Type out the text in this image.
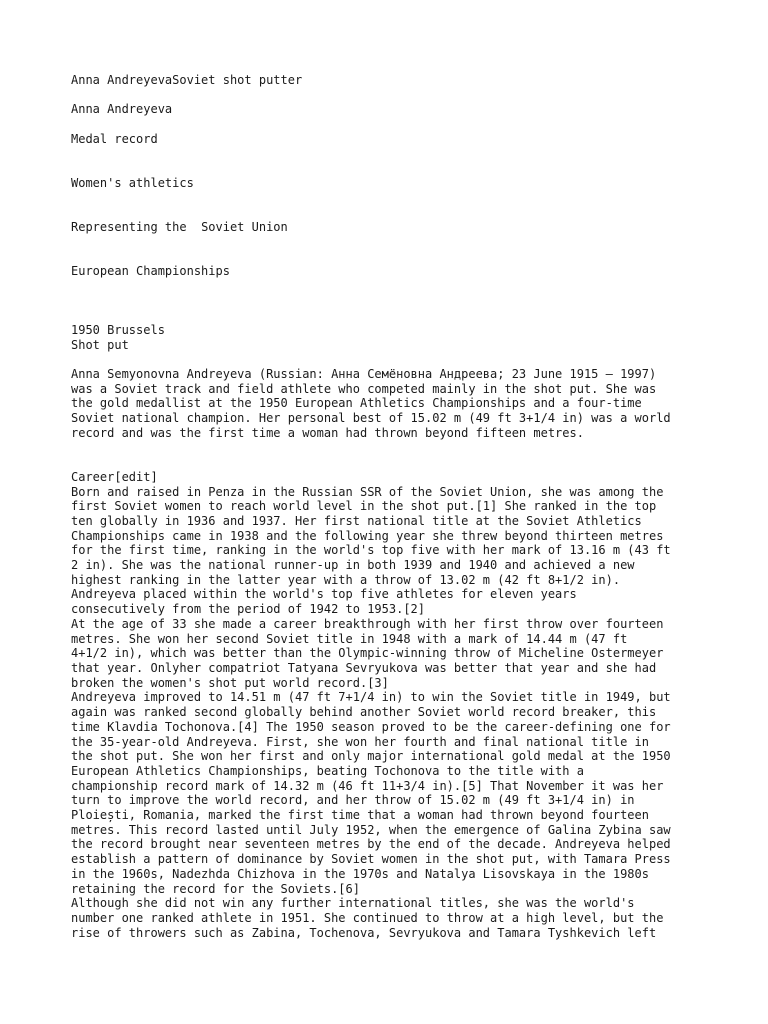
Anna AndreyevaSoviet shot putter

Anna Andreyeva

Medal record

Women's athletics

Representing the  Soviet Union

European Championships

1950 Brussels

Shot put

Anna Semyonovna Andreyeva (Russian: Анна Семёновна Андреева; 23 June 1915 – 1997)
was a Soviet track and field athlete who competed mainly in the shot put. She was
the gold medallist at the 1950 European Athletics Championships and a four-time
Soviet national champion. Her personal best of 15.02 m (49 ft 3+1/4 in) was a world
record and was the first time a woman had thrown beyond fifteen metres.

Career[edit]

Born and raised in Penza in the Russian SSR of the Soviet Union, she was among the
first Soviet women to reach world level in the shot put.[1] She ranked in the top
ten globally in 1936 and 1937. Her first national title at the Soviet Athletics
Championships came in 1938 and the following year she threw beyond thirteen metres
for the first time, ranking in the world's top five with her mark of 13.16 m (43 ft
2 in). She was the national runner-up in both 1939 and 1940 and achieved a new
highest ranking in the latter year with a throw of 13.02 m (42 ft 8+1/2 in).
Andreyeva placed within the world's top five athletes for eleven years
consecutively from the period of 1942 to 1953.[2]

At the age of 33 she made a career breakthrough with her first throw over fourteen
metres. She won her second Soviet title in 1948 with a mark of 14.44 m (47 ft
4+1/2 in), which was better than the Olympic-winning throw of Micheline Ostermeyer
that year. Onlyher compatriot Tatyana Sevryukova was better that year and she had
broken the women's shot put world record.[3]

Andreyeva improved to 14.51 m (47 ft 7+1/4 in) to win the Soviet title in 1949, but
again was ranked second globally behind another Soviet world record breaker, this
time Klavdia Tochonova.[4] The 1950 season proved to be the career-defining one for
the 35-year-old Andreyeva. First, she won her fourth and final national title in
the shot put. She won her first and only major international gold medal at the 1950
European Athletics Championships, beating Tochonova to the title with a
championship record mark of 14.32 m (46 ft 11+3/4 in).[5] That November it was her
turn to improve the world record, and her throw of 15.02 m (49 ft 3+1/4 in) in
Ploiești, Romania, marked the first time that a woman had thrown beyond fourteen
metres. This record lasted until July 1952, when the emergence of Galina Zybina saw
the record brought near seventeen metres by the end of the decade. Andreyeva helped
establish a pattern of dominance by Soviet women in the shot put, with Tamara Press
in the 1960s, Nadezhda Chizhova in the 1970s and Natalya Lisovskaya in the 1980s
retaining the record for the Soviets.[6]

Although she did not win any further international titles, she was the world's
number one ranked athlete in 1951. She continued to throw at a high level, but the
rise of throwers such as Zabina, Tochenova, Sevryukova and Tamara Tyshkevich left
